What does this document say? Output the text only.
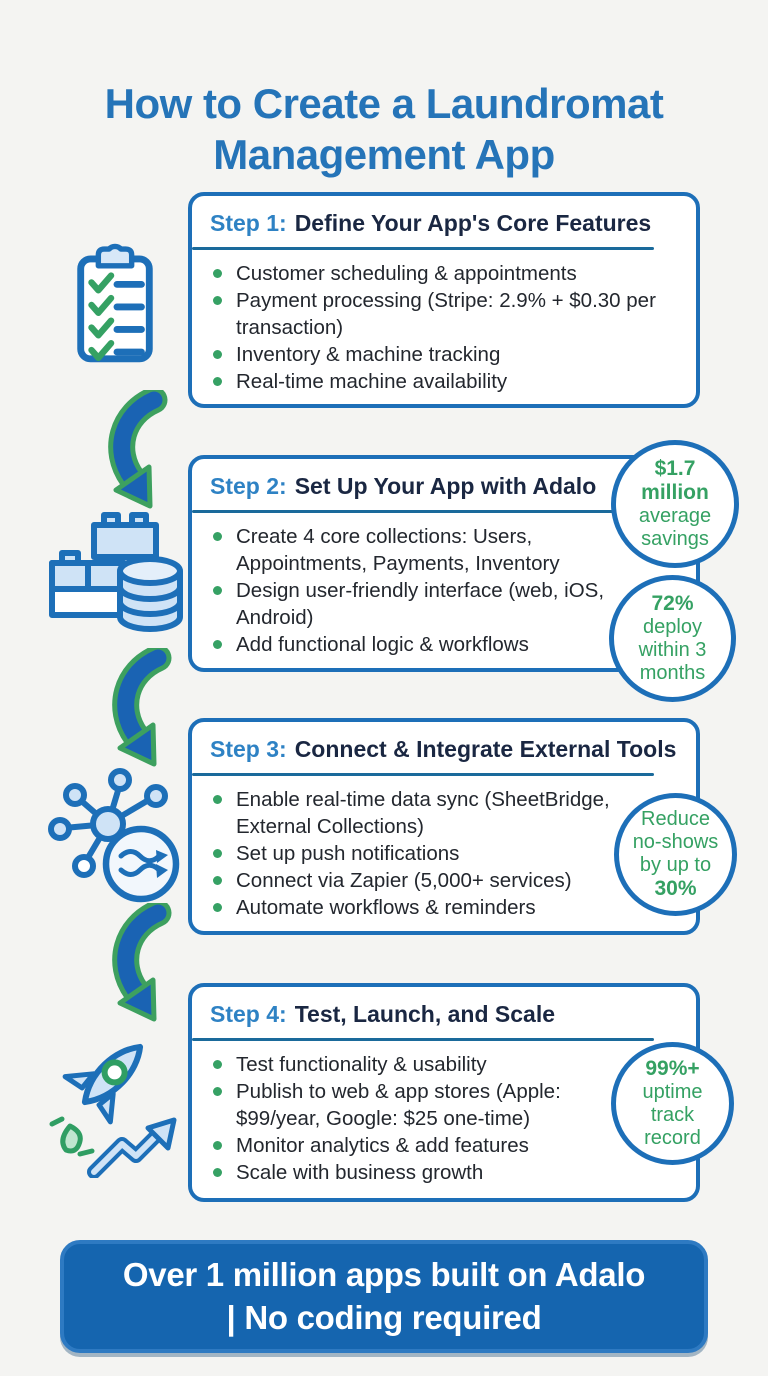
How to Create a Laundromat Management App
Step 1: Define Your App's Core Features
Customer scheduling & appointments
Payment processing (Stripe: 2.9% + $0.30 per transaction)
Inventory & machine tracking
Real-time machine availability
Step 2: Set Up Your App with Adalo
Create 4 core collections: Users, Appointments, Payments, Inventory
Design user-friendly interface (web, iOS, Android)
Add functional logic & workflows
Step 3: Connect & Integrate External Tools
Enable real-time data sync (SheetBridge, External Collections)
Set up push notifications
Connect via Zapier (5,000+ services)
Automate workflows & reminders
Step 4: Test, Launch, and Scale
Test functionality & usability
Publish to web & app stores (Apple: $99/year, Google: $25 one-time)
Monitor analytics & add features
Scale with business growth
$1.7 million
average savings
72%
deploy within 3 months
Reduce no-shows by up to
30%
99%+
uptime track record
Over 1 million apps built on Adalo | No coding required
